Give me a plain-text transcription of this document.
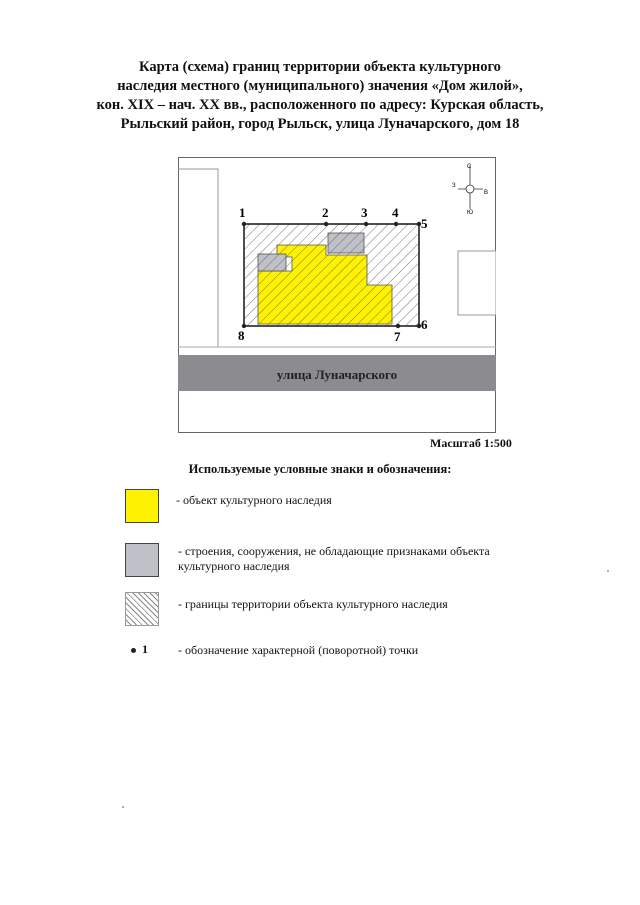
Карта (схема) границ территории объекта культурного
наследия местного (муниципального) значения «Дом жилой»,
кон. XIX – нач. XX вв., расположенного по адресу: Курская область,
Рыльский район, город Рыльск, улица Луначарского, дом 18
улица Луначарского
1	2	3 4
5
6
7
8
С
Ю
З
В
Масштаб 1:500
Используемые условные знаки и обозначения:
- объект культурного наследия
- строения, сооружения, не обладающие признаками объекта
культурного наследия
- границы территории объекта культурного наследия
1	- обозначение характерной (поворотной) точки
